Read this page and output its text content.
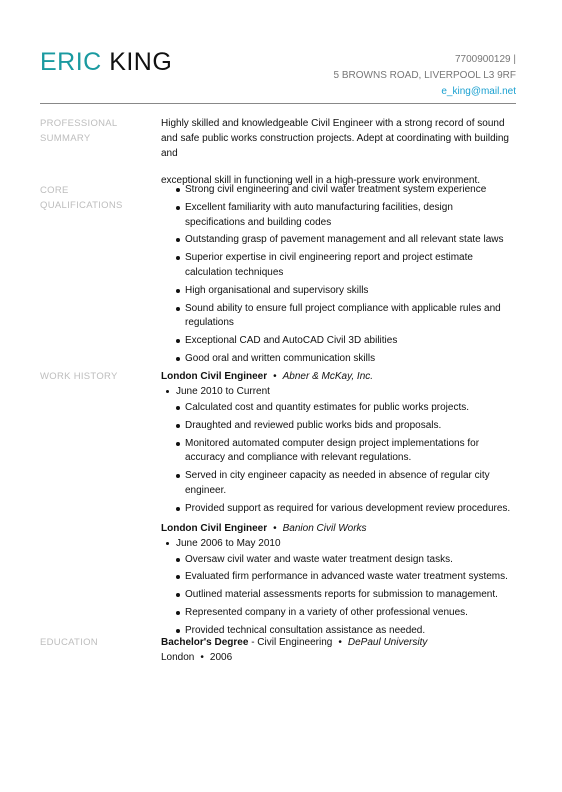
ERIC KING	7700900129 |
5 BROWNS ROAD, LIVERPOOL L3 9RF
e_king@mail.net
PROFESSIONAL
SUMMARY
Highly skilled and knowledgeable Civil Engineer with a strong record of sound and safe public works construction projects. Adept at coordinating with building and
exceptional skill in functioning well in a high-pressure work environment.
CORE QUALIFICATIONS
Strong civil engineering and civil water treatment system experience
Excellent familiarity with auto manufacturing facilities, design specifications and building codes
Outstanding grasp of pavement management and all relevant state laws
Superior expertise in civil engineering report and project estimate calculation techniques
High organisational and supervisory skills
Sound ability to ensure full project compliance with applicable rules and regulations
Exceptional CAD and AutoCAD Civil 3D abilities
Good oral and written communication skills
WORK HISTORY	London Civil Engineer • Abner & McKay, Inc.
June 2010 to Current
Calculated cost and quantity estimates for public works projects.
Draughted and reviewed public works bids and proposals.
Monitored automated computer design project implementations for accuracy and compliance with relevant regulations.
Served in city engineer capacity as needed in absence of regular city engineer.
Provided support as required for various development review procedures.
London Civil Engineer • Banion Civil Works
June 2006 to May 2010
Oversaw civil water and waste water treatment design tasks.
Evaluated firm performance in advanced waste water treatment systems.
Outlined material assessments reports for submission to management.
Represented company in a variety of other professional venues.
Provided technical consultation assistance as needed.
EDUCATION	Bachelor's Degree - Civil Engineering • DePaul University
London • 2006
